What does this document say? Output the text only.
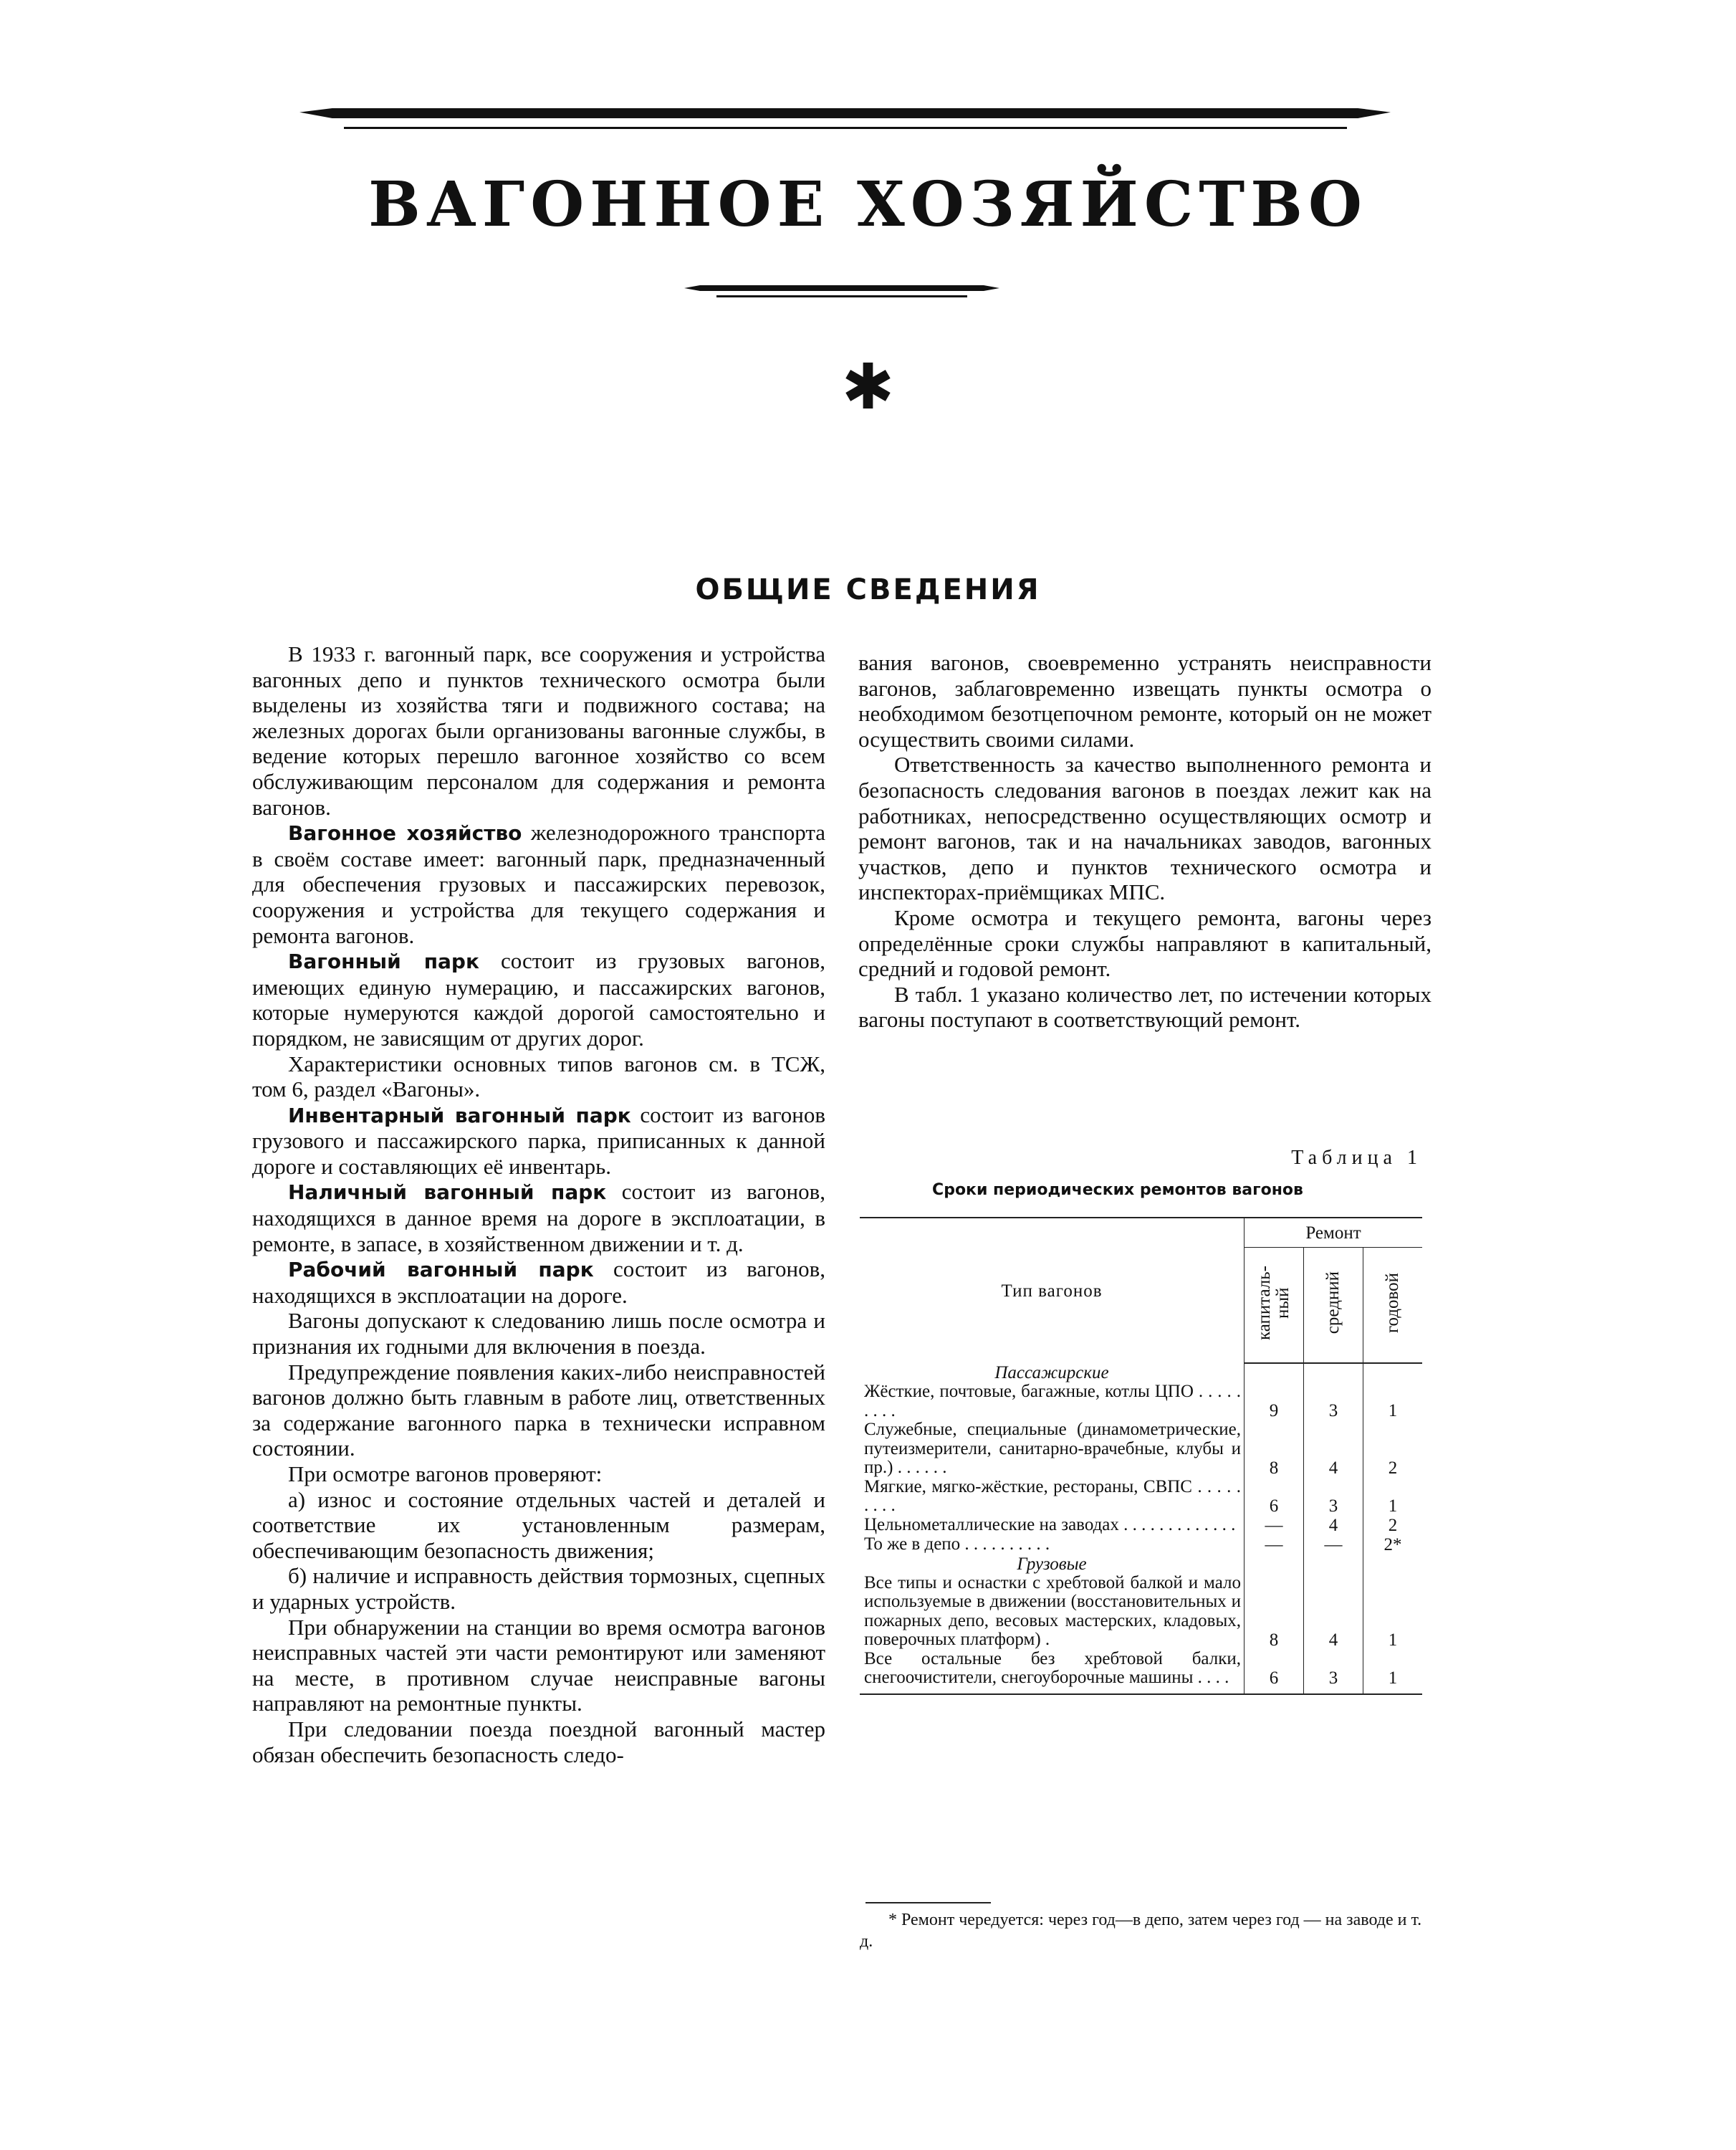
ВАГОННОЕ ХОЗЯЙСТВО
✱
ОБЩИЕ СВЕДЕНИЯ

В 1933 г. вагонный парк, все сооружения и устройства вагонных депо и пунктов технического осмотра были выделены из хозяйства тяги и подвижного состава; на железных дорогах были организованы вагонные службы, в ведение которых перешло вагонное хозяйство со всем обслуживающим персоналом для содержания и ремонта вагонов.

Вагонное хозяйство железнодорожного транспорта в своём составе имеет: вагонный парк, предназначенный для обеспечения грузовых и пассажирских перевозок, сооружения и устройства для текущего содержания и ремонта вагонов.

Вагонный парк состоит из грузовых вагонов, имеющих единую нумерацию, и пассажирских вагонов, которые нумеруются каждой дорогой самостоятельно и порядком, не зависящим от других дорог.

Характеристики основных типов вагонов см. в ТСЖ, том 6, раздел «Вагоны».

Инвентарный вагонный парк состоит из вагонов грузового и пассажирского парка, приписанных к данной дороге и составляющих её инвентарь.

Наличный вагонный парк состоит из вагонов, находящихся в данное время на дороге в эксплоатации, в ремонте, в запасе, в хозяйственном движении и т. д.

Рабочий вагонный парк состоит из вагонов, находящихся в эксплоатации на дороге.

Вагоны допускают к следованию лишь после осмотра и признания их годными для включения в поезда.

Предупреждение появления каких-либо неисправностей вагонов должно быть главным в работе лиц, ответственных за содержание вагонного парка в технически исправном состоянии.

При осмотре вагонов проверяют:

а) износ и состояние отдельных частей и деталей и соответствие их установленным размерам, обеспечивающим безопасность движения;

б) наличие и исправность действия тормозных, сцепных и ударных устройств.

При обнаружении на станции во время осмотра вагонов неисправных частей эти части ремонтируют или заменяют на месте, в противном случае неисправные вагоны направляют на ремонтные пункты.

При следовании поезда поездной вагонный мастер обязан обеспечить безопасность следо-

вания вагонов, своевременно устранять неисправности вагонов, заблаговременно извещать пункты осмотра о необходимом безотцепочном ремонте, который он не может осуществить своими силами.

Ответственность за качество выполненного ремонта и безопасность следования вагонов в поездах лежит как на работниках, непосредственно осуществляющих осмотр и ремонт вагонов, так и на начальниках заводов, вагонных участков, депо и пунктов технического осмотра и инспекторах-приёмщиках МПС.

Кроме осмотра и текущего ремонта, вагоны через определённые сроки службы направляют в капитальный, средний и годовой ремонт.

В табл. 1 указано количество лет, по истечении которых вагоны поступают в соответствующий ремонт.

Таблица 1
Сроки периодических ремонтов вагонов
Тип вагонов	Ремонт		
	капиталь-
ный	средний	годовой
Пассажирские			
Жёсткие, почтовые, багажные, котлы ЦПО . . . . . . . . .	9	3	1
Служебные, специальные (динамометрические, путеизмерители, санитарно-врачебные, клубы и пр.) . . . . . .	8	4	2
Мягкие, мягко-жёсткие, рестораны, СВПС . . . . . . . . .	6	3	1
Цельнометаллические на заводах . . . . . . . . . . . . .	—	4	2
То же в депо . . . . . . . . . .	—	—	2*
Грузовые			
Все типы и оснастки с хребтовой балкой и мало используемые в движении (восстановительных и пожарных депо, весовых мастерских, кладовых, поверочных платформ) .	8	4	1
Все остальные без хребтовой балки, снегоочистители, снегоуборочные машины . . . .	6	3	1
* Ремонт чередуется: через год—в депо, затем через год — на заводе и т. д.
